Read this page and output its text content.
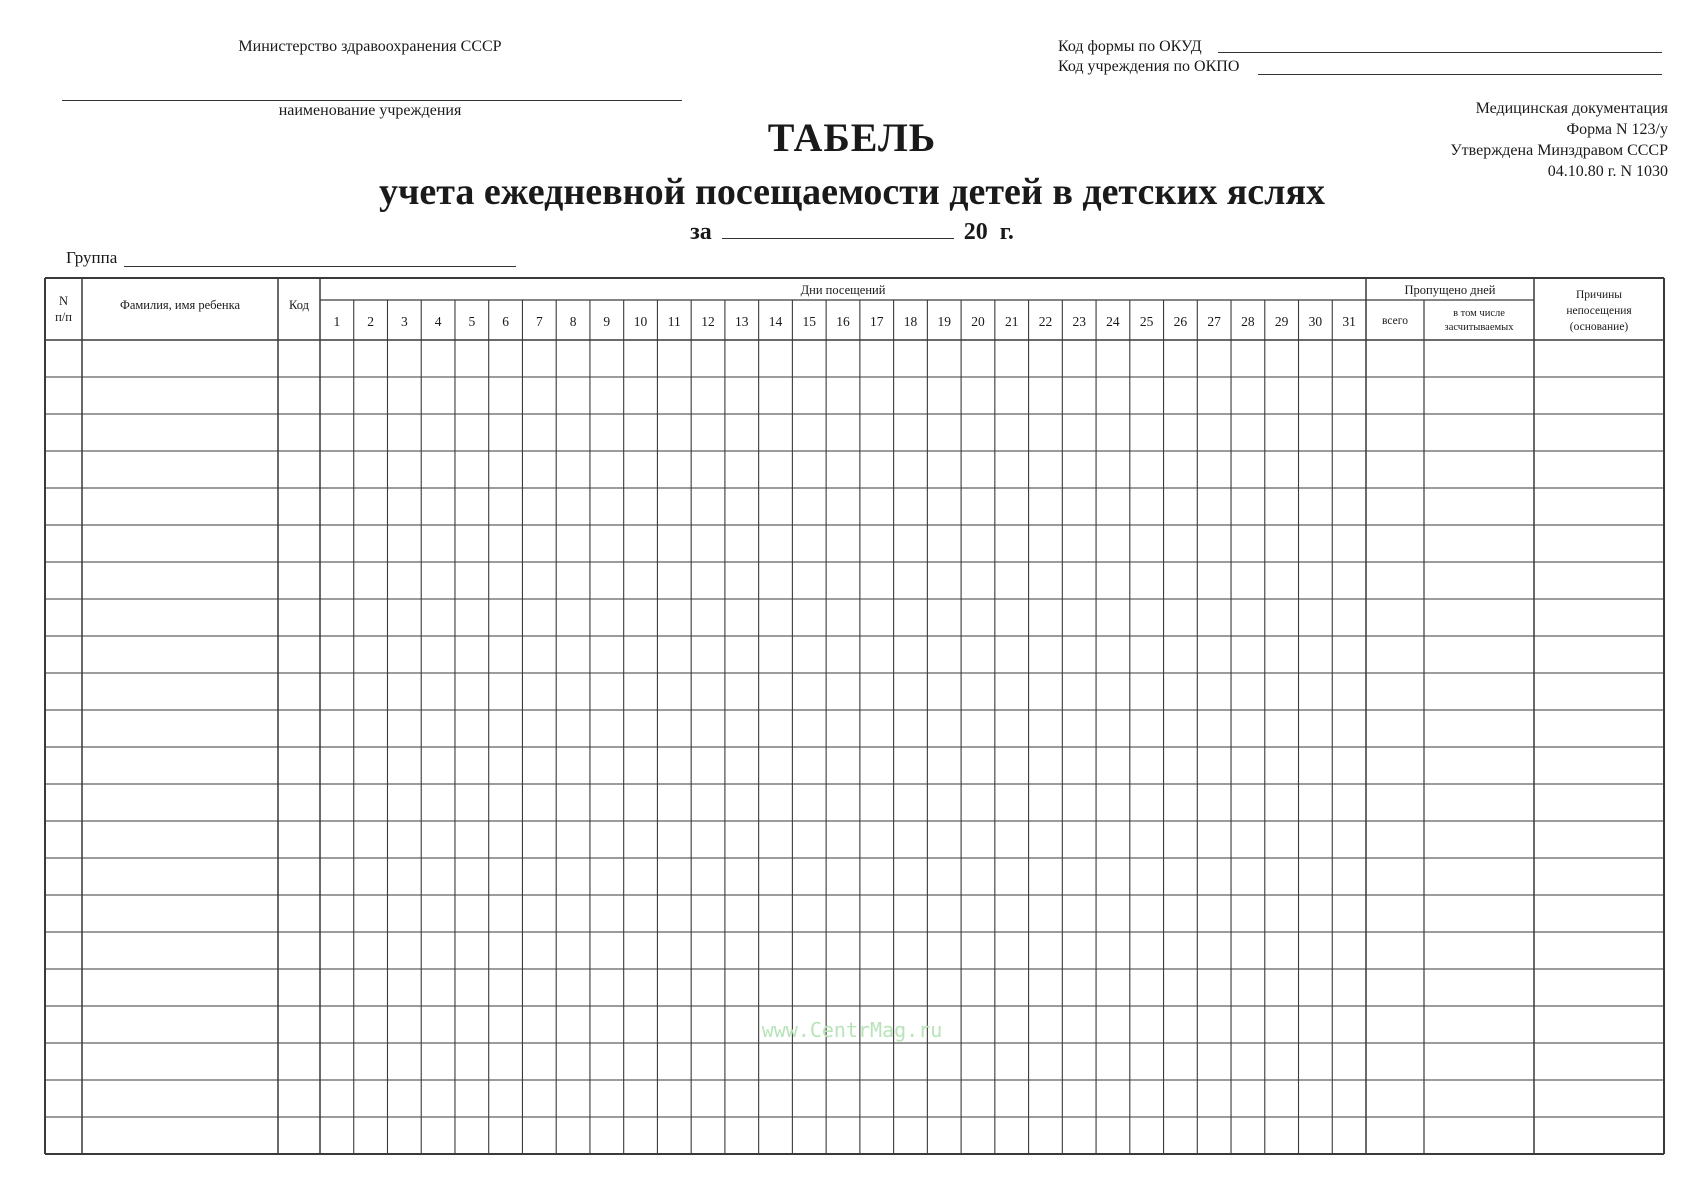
Министерство здравоохранения СССР
наименование учреждения
Код формы по ОКУД
Код учреждения по ОКПО
Медицинская документация
Форма N 123/у
Утверждена Минздравом СССР
04.10.80 г. N 1030
ТАБЕЛЬ
учета ежедневной посещаемости детей в детских яслях
за	20 г.
Группа
N
п/п
Фамилия, имя ребенка	Код
Дни посещений
1 2 3 4 5 6 7 8 9 10 11 12 13 14 15 16 17 18 19 20 21 22 23 24 25 26 27 28 29 30 31
Пропущено дней
всего
в том числе
засчитываемых
Причины
непосещения
(основание)
www.CentrMag.ru
